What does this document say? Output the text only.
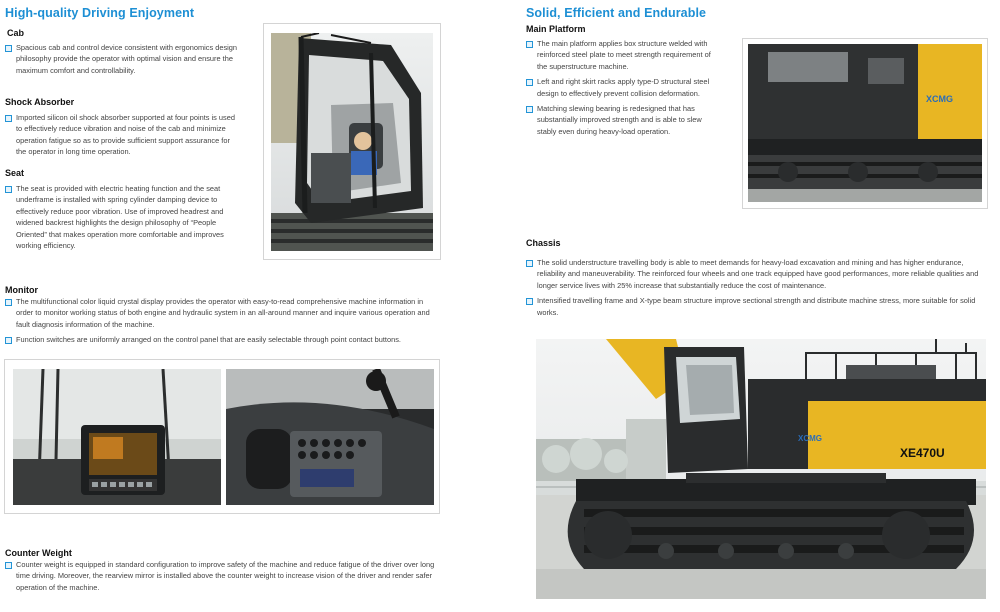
High-quality Driving Enjoyment
Cab
Spacious cab and control device consistent with ergonomics design philosophy provide the operator with optimal vision and ensure the maximum comfort and controllability.
Shock Absorber
Imported silicon oil shock absorber supported at four points is used to effectively reduce vibration and noise of the cab and minimize operation fatigue so as to provide sufficient support assurance for the operator in long time operation.
Seat
The seat is provided with electric heating function and the seat underframe is installed with spring cylinder damping device to effectively reduce poor vibration. Use of improved headrest and widened backrest highlights the design philosophy of “People Oriented” that makes operation more comfortable and improves working efficiency.
Monitor
The multifunctional color liquid crystal display provides the operator with easy-to-read comprehensive machine information in order to monitor working status of both engine and hydraulic system in an all-around manner and inquire various operation and fault diagnosis information of the machine.
Function switches are uniformly arranged on the control panel that are easily selectable through point contact buttons.
Counter Weight
Counter weight is equipped in standard configuration to improve safety of the machine and reduce fatigue of the driver over long time driving. Moreover, the rearview mirror is installed above the counter weight to increase vision of the driver and render safer operation of the machine.
Solid, Efficient and Endurable
Main Platform
The main platform applies box structure welded with reinforced steel plate to meet strength requirement of the superstructure machine.
Left and right skirt racks apply type-D structural steel design to effectively prevent collision deformation.
Matching slewing bearing is redesigned that has substantially improved strength and is able to slew stably even during heavy-load operation.
XCMG
Chassis
The solid understructure travelling body is able to meet demands for heavy-load excavation and mining and has higher endurance, reliability and maneuverability. The reinforced four wheels and one track equipped have good performances, more reliable qualities and longer service lives with 25% increase that substantially reduce the cost of maintenance.
Intensified travelling frame and X-type beam structure improve sectional strength and distribute machine stress, more suitable for solid works.
XCMG
XE470U
